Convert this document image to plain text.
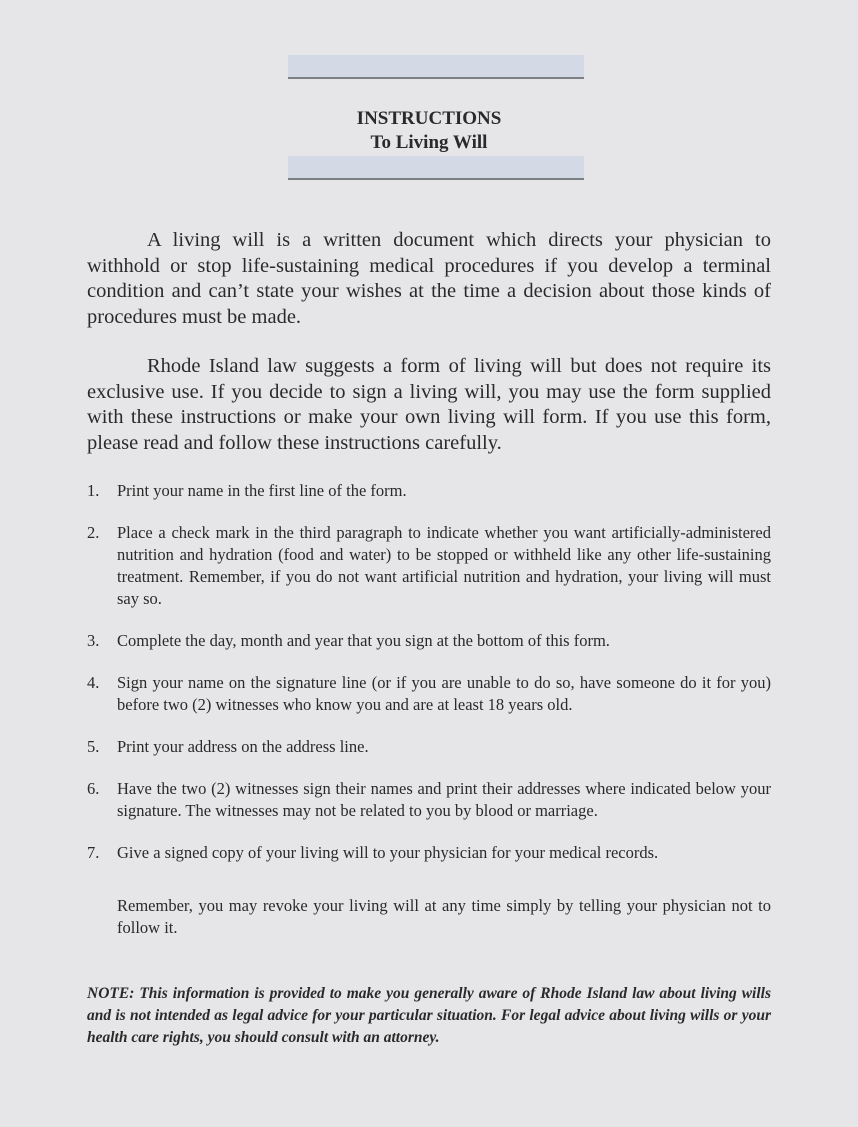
INSTRUCTIONS
To Living Will

A living will is a written document which directs your physician to withhold or stop life-sustaining medical procedures if you develop a terminal condition and can’t state your wishes at the time a decision about those kinds of procedures must be made.

Rhode Island law suggests a form of living will but does not require its exclusive use. If you decide to sign a living will, you may use the form supplied with these instructions or make your own living will form. If you use this form, please read and follow these instructions carefully.

1. Print your name in the first line of the form.
2. Place a check mark in the third paragraph to indicate whether you want artificially-administered nutrition and hydration (food and water) to be stopped or withheld like any other life-sustaining treatment. Remember, if you do not want artificial nutrition and hydration, your living will must say so.
3. Complete the day, month and year that you sign at the bottom of this form.
4. Sign your name on the signature line (or if you are unable to do so, have someone do it for you) before two (2) witnesses who know you and are at least 18 years old.
5. Print your address on the address line.
6. Have the two (2) witnesses sign their names and print their addresses where indicated below your signature. The witnesses may not be related to you by blood or marriage.
7. Give a signed copy of your living will to your physician for your medical records.

Remember, you may revoke your living will at any time simply by telling your physician not to follow it.

NOTE: This information is provided to make you generally aware of Rhode Island law about living wills and is not intended as legal advice for your particular situation. For legal advice about living wills or your health care rights, you should consult with an attorney.
